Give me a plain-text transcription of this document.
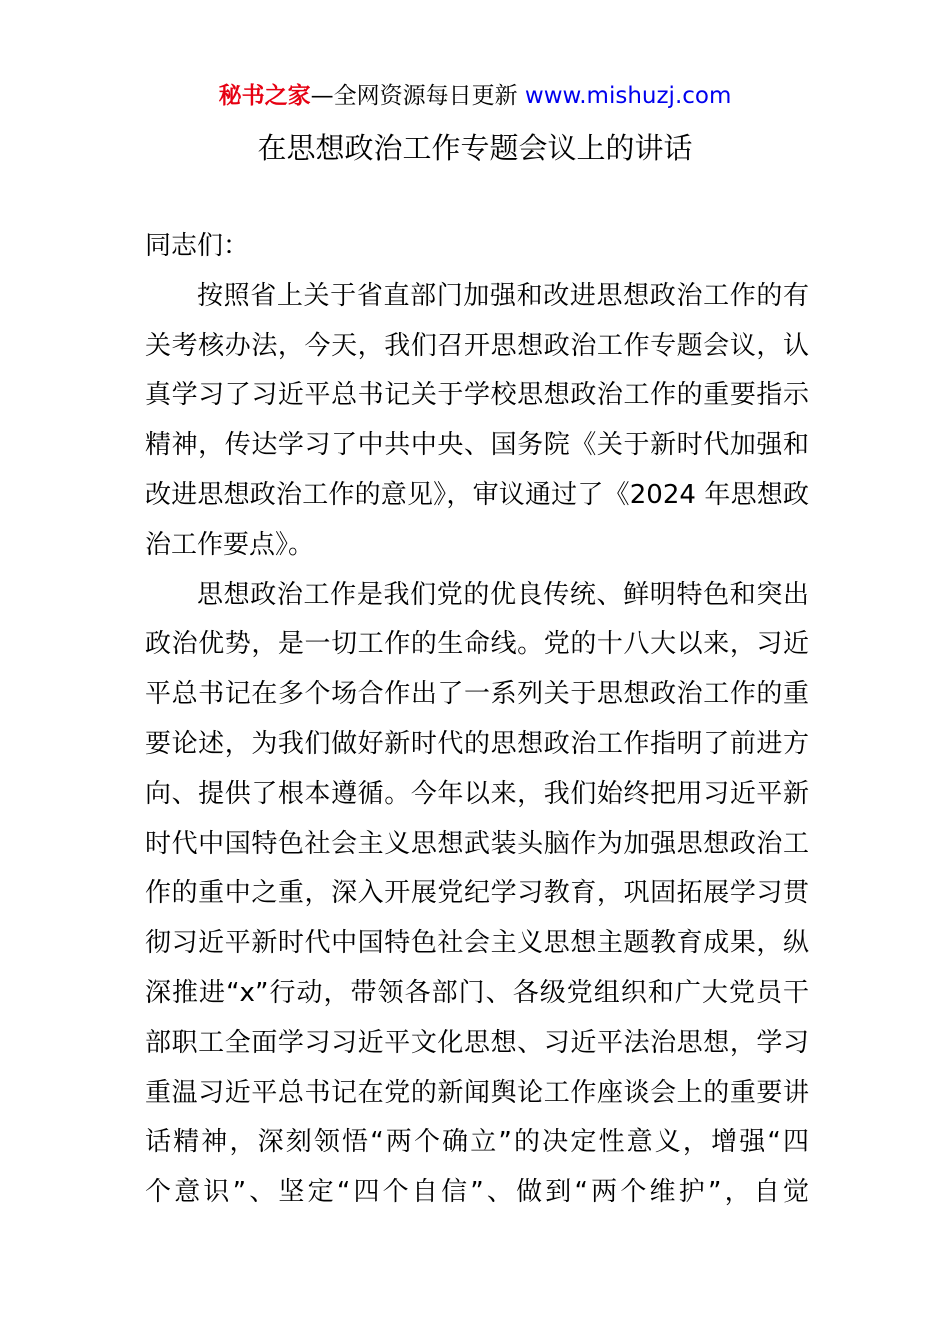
秘书之家—全网资源每日更新 www.mishuzj.com
在思想政治工作专题会议上的讲话
同志们：
按照省上关于省直部门加强和改进思想政治工作的有
关考核办法，今天，我们召开思想政治工作专题会议，认
真学习了习近平总书记关于学校思想政治工作的重要指示
精神，传达学习了中共中央、国务院《关于新时代加强和
改进思想政治工作的意见》，审议通过了《2024 年思想政
治工作要点》。
思想政治工作是我们党的优良传统、鲜明特色和突出
政治优势，是一切工作的生命线。党的十八大以来，习近
平总书记在多个场合作出了一系列关于思想政治工作的重
要论述，为我们做好新时代的思想政治工作指明了前进方
向、提供了根本遵循。今年以来，我们始终把用习近平新
时代中国特色社会主义思想武装头脑作为加强思想政治工
作的重中之重，深入开展党纪学习教育，巩固拓展学习贯
彻习近平新时代中国特色社会主义思想主题教育成果，纵
深推进“x”行动，带领各部门、各级党组织和广大党员干
部职工全面学习习近平文化思想、习近平法治思想，学习
重温习近平总书记在党的新闻舆论工作座谈会上的重要讲
话精神，深刻领悟“两个确立”的决定性意义，增强“四
个意识”、坚定“四个自信”、做到“两个维护”，自觉
